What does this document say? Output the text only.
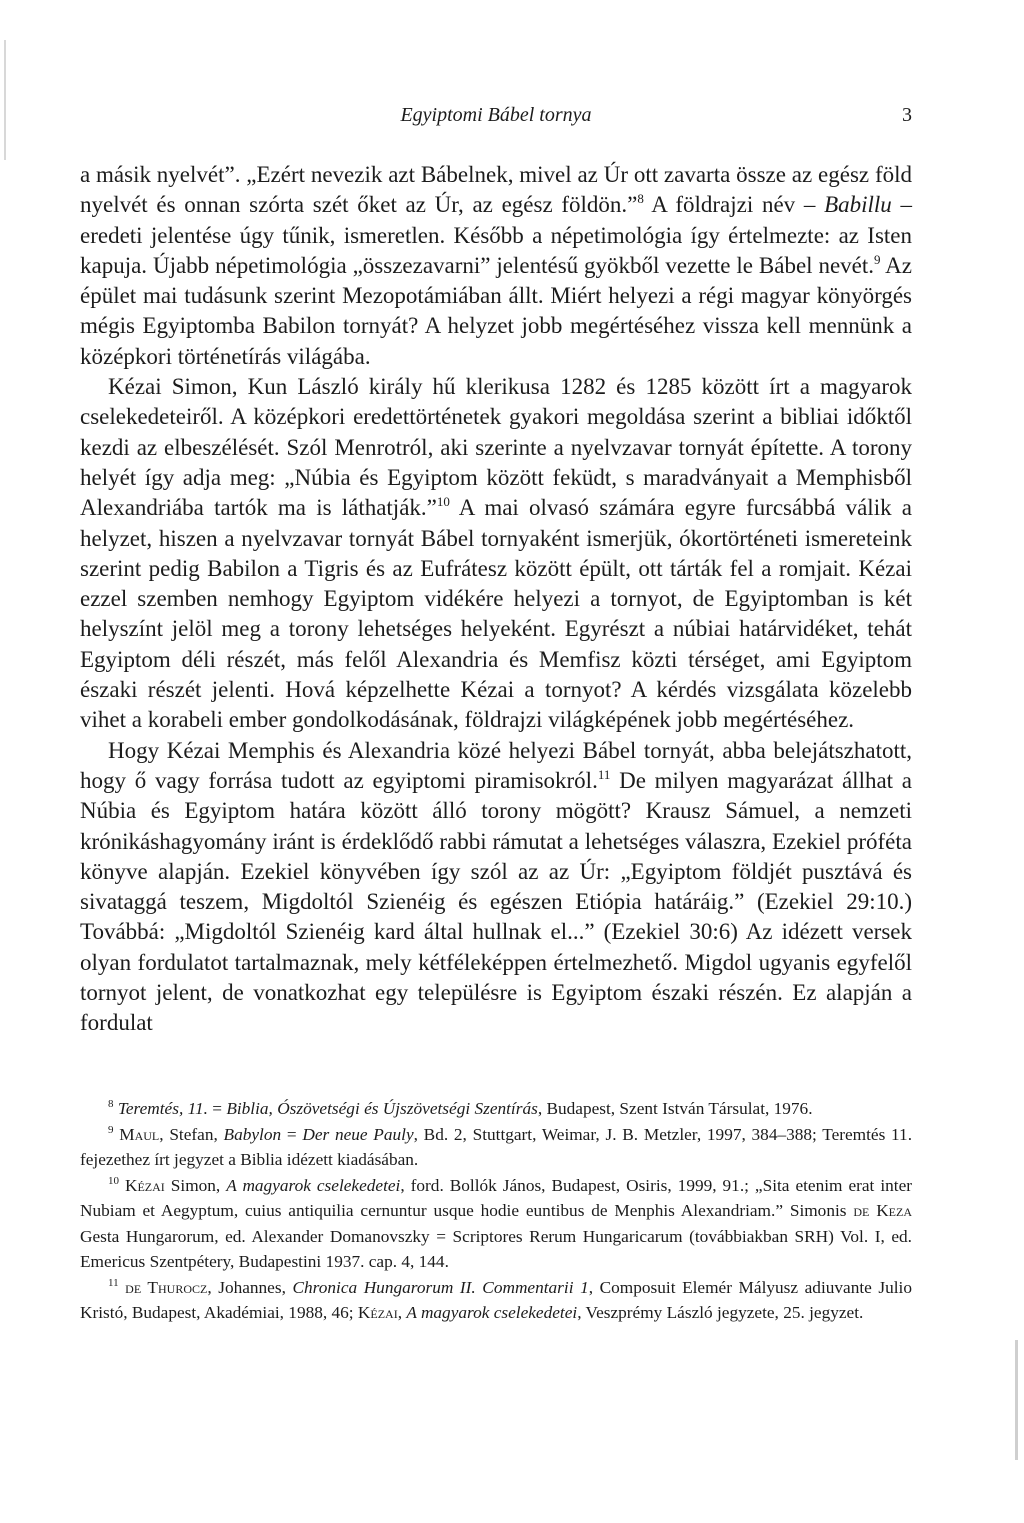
Egyiptomi Bábel tornya	3

a másik nyelvét”. „Ezért nevezik azt Bábelnek, mivel az Úr ott zavarta össze az egész föld nyelvét és onnan szórta szét őket az Úr, az egész földön.”$^8$ A földrajzi név – Babillu – eredeti jelentése úgy tűnik, ismeretlen. Később a népetimológia így értelmezte: az Isten kapuja. Újabb népetimológia „összezavarni” jelentésű gyökből vezette le Bábel nevét.$^9$ Az épület mai tudásunk szerint Mezopotámiában állt. Miért helyezi a régi magyar könyörgés mégis Egyiptomba Babilon tornyát? A helyzet jobb megértéséhez vissza kell mennünk a középkori történetírás világába.

Kézai Simon, Kun László király hű klerikusa 1282 és 1285 között írt a magyarok cselekedeteiről. A középkori eredettörténetek gyakori megoldása szerint a bibliai időktől kezdi az elbeszélését. Szól Menrotról, aki szerinte a nyelvzavar tornyát építette. A torony helyét így adja meg: „Núbia és Egyiptom között feküdt, s maradványait a Memphisből Alexandriába tartók ma is láthatják.”$^{10}$ A mai olvasó számára egyre furcsábbá válik a helyzet, hiszen a nyelvzavar tornyát Bábel tornyaként ismerjük, ókortörténeti ismereteink szerint pedig Babilon a Tigris és az Eufrátesz között épült, ott tárták fel a romjait. Kézai ezzel szemben nemhogy Egyiptom vidékére helyezi a tornyot, de Egyiptomban is két helyszínt jelöl meg a torony lehetséges helyeként. Egyrészt a núbiai határvidéket, tehát Egyiptom déli részét, más felől Alexandria és Memfisz közti térséget, ami Egyiptom északi részét jelenti. Hová képzelhette Kézai a tornyot? A kérdés vizsgálata közelebb vihet a korabeli ember gondolkodásának, földrajzi világképének jobb megértéséhez.

Hogy Kézai Memphis és Alexandria közé helyezi Bábel tornyát, abba belejátszhatott, hogy ő vagy forrása tudott az egyiptomi piramisokról.$^{11}$ De milyen magyarázat állhat a Núbia és Egyiptom határa között álló torony mögött? Krausz Sámuel, a nemzeti krónikáshagyomány iránt is érdeklődő rabbi rámutat a lehetséges válaszra, Ezekiel próféta könyve alapján. Ezekiel könyvében így szól az az Úr: „Egyiptom földjét pusztává és sivataggá teszem, Migdoltól Szienéig és egészen Etiópia határáig.” (Ezekiel 29:10.) Továbbá: „Migdoltól Szienéig kard által hullnak el...” (Ezekiel 30:6) Az idézett versek olyan fordulatot tartalmaznak, mely kétféleképpen értelmezhető. Migdol ugyanis egyfelől tornyot jelent, de vonatkozhat egy településre is Egyiptom északi részén. Ez alapján a fordulat

$^8$ Teremtés, 11. = Biblia, Ószövetségi és Újszövetségi Szentírás, Budapest, Szent István Társulat, 1976.

$^9$ Maul, Stefan, Babylon = Der neue Pauly, Bd. 2, Stuttgart, Weimar, J. B. Metzler, 1997, 384–388; Teremtés 11. fejezethez írt jegyzet a Biblia idézett kiadásában.

$^{10}$ Kézai Simon, A magyarok cselekedetei, ford. Bollók János, Budapest, Osiris, 1999, 91.; „Sita etenim erat inter Nubiam et Aegyptum, cuius antiquilia cernuntur usque hodie euntibus de Menphis Alexandriam.” Simonis de Keza Gesta Hungarorum, ed. Alexander Domanovszky = Scriptores Rerum Hungaricarum (továbbiakban SRH) Vol. I, ed. Emericus Szentpétery, Budapestini 1937. cap. 4, 144.

$^{11}$ de Thurocz, Johannes, Chronica Hungarorum II. Commentarii 1, Composuit Elemér Mályusz adiuvante Julio Kristó, Budapest, Akadémiai, 1988, 46; Kézai, A magyarok cselekedetei, Veszprémy László jegyzete, 25. jegyzet.
